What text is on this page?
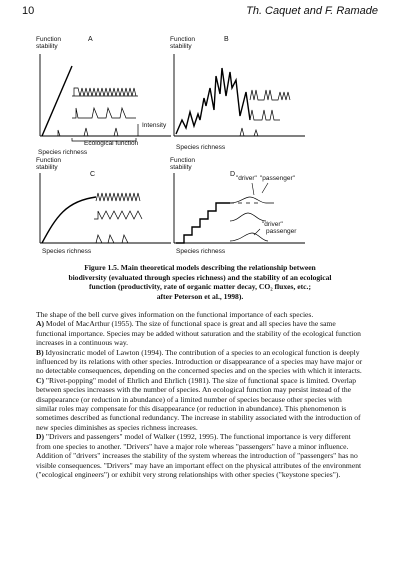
10	Th. Caquet and F. Ramade
Function
stability
A
Intensity
Ecological function
Species richness
Function
stability
B
Species richness
Function
stability
C
Species richness
Function
stability
D
"driver" "passenger"
"driver"
passenger
Species richness
Figure 1.5. Main theoretical models describing the relationship between
biodiversity (evaluated through species richness) and the stability of an ecological
function (productivity, rate of organic matter decay, CO₂ fluxes, etc.;
after Peterson et al., 1998).

The shape of the bell curve gives information on the functional importance of each species.

A) Model of MacArthur (1955). The size of functional space is great and all species have the same functional importance. Species may be added without saturation and the stability of the ecological function increases in a continuous way.

B) Idyosincratic model of Lawton (1994). The contribution of a species to an ecological function is deeply influenced by its relations with other species. Introduction or disappearance of a species may have major or no detectable consequences, depending on the concerned species and on the species with which it interacts.

C) "Rivet-popping" model of Ehrlich and Ehrlich (1981). The size of functional space is limited. Overlap between species increases with the number of species. An ecological function may persist instead of the disappearance (or reduction in abundance) of a limited number of species because other species with similar roles may compensate for this disappearance (or reduction in abundance). This phenomenon is sometimes described as functional redundancy. The increase in stability associated with the introduction of new species diminishes as species richness increases.

D) "Drivers and passengers" model of Walker (1992, 1995). The functional importance is very different from one species to another. "Drivers" have a major role whereas "passengers" have a minor influence. Addition of "drivers" increases the stability of the system whereas the introduction of "passengers" has no visible consequences. "Drivers" may have an important effect on the physical attributes of the environment ("ecological engineers") or exhibit very strong relationships with other species ("keystone species").
